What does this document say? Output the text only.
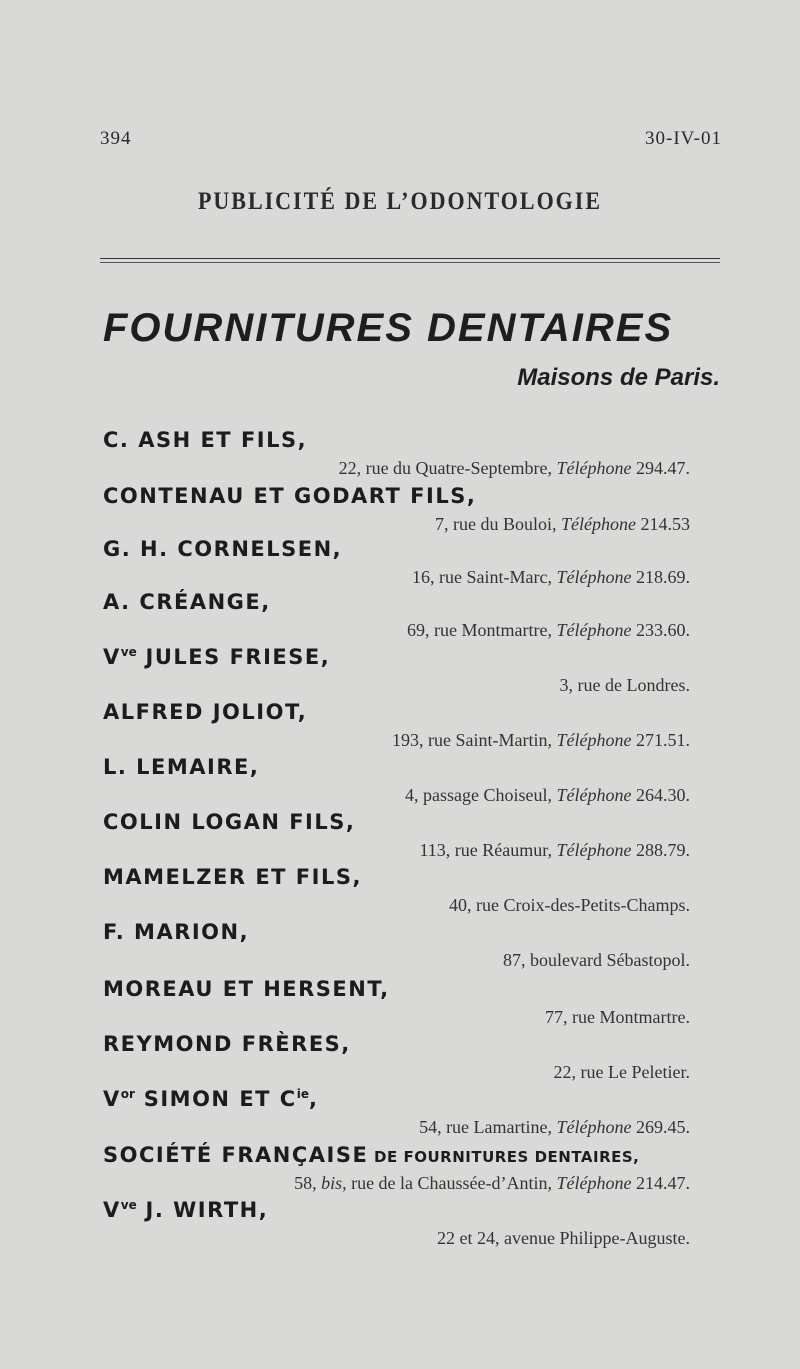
394	30-IV-01
PUBLICITÉ DE L’ODONTOLOGIE
FOURNITURES DENTAIRES
Maisons de Paris.
C. ASH ET FILS,
22, rue du Quatre-Septembre, Téléphone 294.47.
CONTENAU ET GODART FILS,
7, rue du Bouloi, Téléphone 214.53
G. H. CORNELSEN,
16, rue Saint-Marc, Téléphone 218.69.
A. CRÉANGE,
69, rue Montmartre, Téléphone 233.60.
$V^{ve}$ JULES FRIESE,
3, rue de Londres.
ALFRED JOLIOT,
193, rue Saint-Martin, Téléphone 271.51.
L. LEMAIRE,
4, passage Choiseul, Téléphone 264.30.
COLIN LOGAN FILS,
113, rue Réaumur, Téléphone 288.79.
MAMELZER ET FILS,
40, rue Croix-des-Petits-Champs.
F. MARION,
87, boulevard Sébastopol.
MOREAU ET HERSENT,
77, rue Montmartre.
REYMOND FRÈRES,
22, rue Le Peletier.
$V^{or}$ SIMON ET $C^{ie}$,
54, rue Lamartine, Téléphone 269.45.
SOCIÉTÉ FRANÇAISE DE FOURNITURES DENTAIRES,
58, bis, rue de la Chaussée-d’Antin, Téléphone 214.47.
$V^{ve}$ J. WIRTH,
22 et 24, avenue Philippe-Auguste.
